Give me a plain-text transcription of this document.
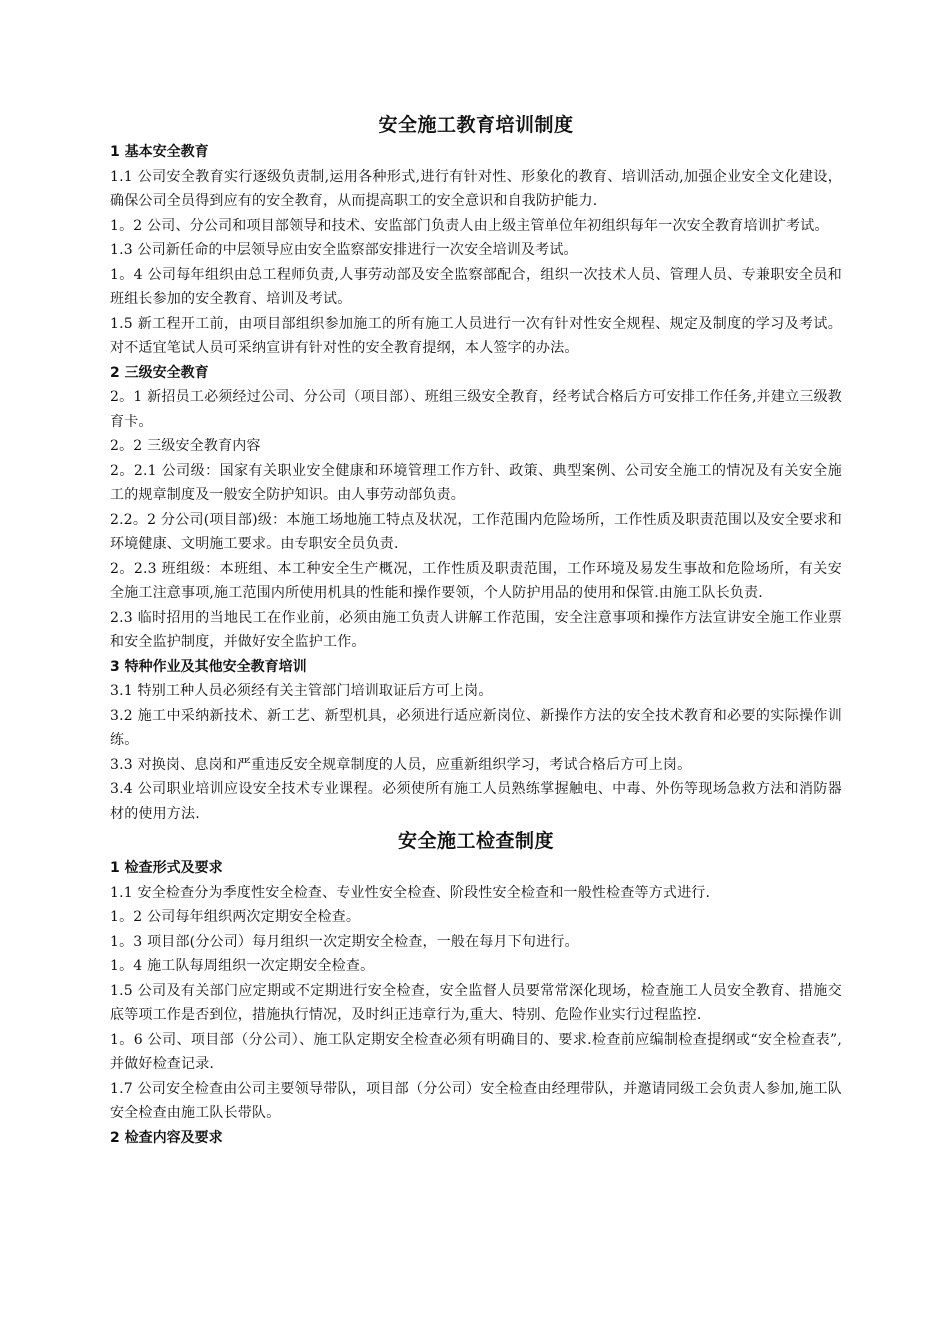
安全施工教育培训制度
1 基本安全教育
1.1 公司安全教育实行逐级负责制,运用各种形式,进行有针对性、形象化的教育、培训活动,加强企业安全文化建设，确保公司全员得到应有的安全教育，从而提高职工的安全意识和自我防护能力.
1。2 公司、分公司和项目部领导和技术、安监部门负责人由上级主管单位年初组织每年一次安全教育培训扩考试。
1.3 公司新任命的中层领导应由安全监察部安排进行一次安全培训及考试。
1。4 公司每年组织由总工程师负责,人事劳动部及安全监察部配合，组织一次技术人员、管理人员、专兼职安全员和班组长参加的安全教育、培训及考试。
1.5 新工程开工前，由项目部组织参加施工的所有施工人员进行一次有针对性安全规程、规定及制度的学习及考试。对不适宜笔试人员可采纳宣讲有针对性的安全教育提纲，本人签字的办法。
2 三级安全教育
2。1 新招员工必须经过公司、分公司（项目部）、班组三级安全教育，经考试合格后方可安排工作任务,并建立三级教育卡。
2。2 三级安全教育内容
2。2.1 公司级：国家有关职业安全健康和环境管理工作方针、政策、典型案例、公司安全施工的情况及有关安全施工的规章制度及一般安全防护知识。由人事劳动部负责。
2.2。2 分公司(项目部)级：本施工场地施工特点及状况，工作范围内危险场所，工作性质及职责范围以及安全要求和环境健康、文明施工要求。由专职安全员负责.
2。2.3 班组级：本班组、本工种安全生产概况，工作性质及职责范围，工作环境及易发生事故和危险场所，有关安全施工注意事项,施工范围内所使用机具的性能和操作要领，个人防护用品的使用和保管.由施工队长负责.
2.3 临时招用的当地民工在作业前，必须由施工负责人讲解工作范围，安全注意事项和操作方法宣讲安全施工作业票和安全监护制度，并做好安全监护工作。
3 特种作业及其他安全教育培训
3.1 特别工种人员必须经有关主管部门培训取证后方可上岗。
3.2 施工中采纳新技术、新工艺、新型机具，必须进行适应新岗位、新操作方法的安全技术教育和必要的实际操作训练。
3.3 对换岗、息岗和严重违反安全规章制度的人员，应重新组织学习，考试合格后方可上岗。
3.4 公司职业培训应设安全技术专业课程。必须使所有施工人员熟练掌握触电、中毒、外伤等现场急救方法和消防器材的使用方法.
安全施工检查制度
1 检查形式及要求
1.1 安全检查分为季度性安全检查、专业性安全检查、阶段性安全检查和一般性检查等方式进行.
1。2 公司每年组织两次定期安全检查。
1。3 项目部(分公司）每月组织一次定期安全检查，一般在每月下旬进行。
1。4 施工队每周组织一次定期安全检查。
1.5 公司及有关部门应定期或不定期进行安全检查，安全监督人员要常常深化现场，检查施工人员安全教育、措施交底等项工作是否到位，措施执行情况，及时纠正违章行为,重大、特别、危险作业实行过程监控.
1。6 公司、项目部（分公司）、施工队定期安全检查必须有明确目的、要求.检查前应编制检查提纲或“安全检查表”,并做好检查记录.
1.7 公司安全检查由公司主要领导带队，项目部（分公司）安全检查由经理带队，并邀请同级工会负责人参加,施工队安全检查由施工队长带队。
2 检查内容及要求
